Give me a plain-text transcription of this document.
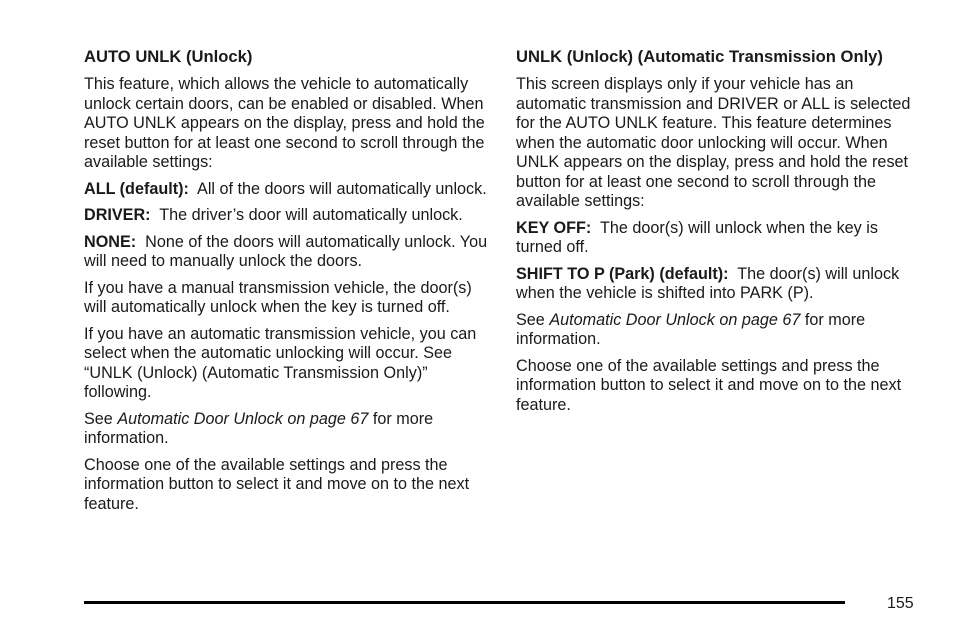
AUTO UNLK (Unlock)

This feature, which allows the vehicle to automatically unlock certain doors, can be enabled or disabled. When AUTO UNLK appears on the display, press and hold the reset button for at least one second to scroll through the available settings:

ALL (default): All of the doors will automatically unlock.

DRIVER: The driver’s door will automatically unlock.

NONE: None of the doors will automatically unlock. You will need to manually unlock the doors.

If you have a manual transmission vehicle, the door(s) will automatically unlock when the key is turned off.

If you have an automatic transmission vehicle, you can select when the automatic unlocking will occur. See “UNLK (Unlock) (Automatic Transmission Only)” following.

See Automatic Door Unlock on page 67 for more information.

Choose one of the available settings and press the information button to select it and move on to the next feature.

UNLK (Unlock) (Automatic Transmission Only)

This screen displays only if your vehicle has an automatic transmission and DRIVER or ALL is selected for the AUTO UNLK feature. This feature determines when the automatic door unlocking will occur. When UNLK appears on the display, press and hold the reset button for at least one second to scroll through the available settings:

KEY OFF: The door(s) will unlock when the key is turned off.

SHIFT TO P (Park) (default): The door(s) will unlock when the vehicle is shifted into PARK (P).

See Automatic Door Unlock on page 67 for more information.

Choose one of the available settings and press the information button to select it and move on to the next feature.

155
